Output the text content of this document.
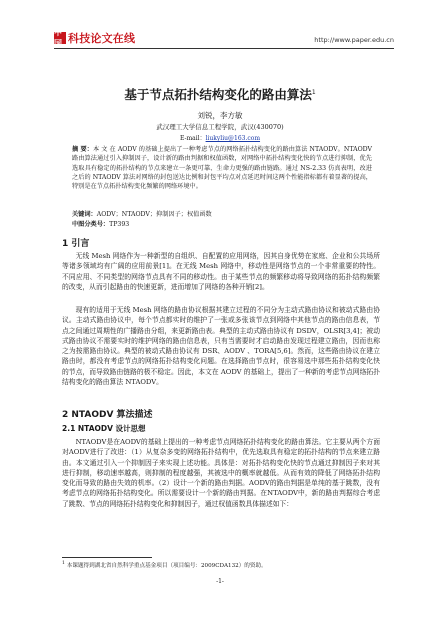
中国 科技论文在线	http://www.paper.edu.cn
基于节点拓扑结构变化的路由算法$^1$
刘锐，李方敏
武汉理工大学信息工程学院，武汉(430070)
E-mail：liukyliu@163.com
摘 要：本 文 在 AODV 的基础上提出了一种考虑节点的网络拓扑结构变化的路由算法 NTAODV。NTAODV 路由算法通过引入抑制因子，设计新的路由判据和权值函数，对网络中拓扑结构变化快的节点进行抑制，优先选取具有稳定的拓扑结构的节点来建立一条更可靠、生命力更强的路由链路。通过 NS-2.33 仿真表明，改进之后的 NTAODV 算法对网络的封包送达比例和封包平均点对点延迟时间这两个性能指标都有着显著的提高，特别是在节点拓扑结构变化频繁的网络环境中。
关键词：AODV；NTAODV；抑制因子；权值函数
中图分类号：TP393
1 引言
无线 Mesh 网络作为一种新型的自组织、自配置的应用网络，因其自身优势在家庭、企业和公共场所等诸多领域均有广阔的应用前景[1]。在无线 Mesh 网络中，移动性是网络节点的一个非常重要的特性。不同应用、不同类型的网络节点具有不同的移动性。由于某些节点的频繁移动将导致网络的拓扑结构频繁的改变，从而引起路由的快速更新，进而增加了网络的各种开销[2]。
现有的适用于无线 Mesh 网络的路由协议根据其建立过程的不同分为主动式路由协议和被动式路由协议。主动式路由协议中，每个节点都实时的维护了一张或多张该节点到网络中其他节点的路由信息表，节点之间通过周期性的广播路由分组，来更新路由表。典型的主动式路由协议有 DSDV，OLSR[3,4]；被动式路由协议不需要实时的维护网络的路由信息表，只有当需要时才启动路由发现过程建立路由，因而也称之为按需路由协议。典型的被动式路由协议有 DSR、AODV 、TORA[5,6]。然而，这些路由协议在建立路由时，都没有考虑节点的网络拓扑结构变化问题。在选择路由节点时，很容易选中那些拓扑结构变化快的节点，而导致路由链路的极不稳定。因此，本文在 AODV 的基础上，提出了一种新的考虑节点网络拓扑结构变化的路由算法 NTAODV。
2 NTAODV 算法描述
2.1 NTAODV 设计思想
NTAODV是在AODV的基础上提出的一种考虑节点网络拓扑结构变化的路由算法。它主要从两个方面对AODV进行了改进：（1）从复杂多变的网络拓扑结构中，优先选取具有稳定的拓扑结构的节点来建立路由。本文通过引入一个抑制因子来实现上述功能。具体是：对拓扑结构变化快的节点通过抑制因子来对其进行抑制，移动速率越高，则抑制的程度越强，其被选中的概率就越低。从而有效的降低了网络拓扑结构变化而导致的路由失效的机率。（2）设计一个新的路由判据。AODV的路由判据是单纯的基于跳数，没有考虑节点的网络拓扑结构变化。所以需要设计一个新的路由判据。在NTAODV中，新的路由判据综合考虑了跳数、节点的网络拓扑结构变化和抑制因子，通过权值函数具体描述如下：
$^1$ 本课题得到湖北省自然科学重点基金项目（项目编号：2009CDA132）的资助。
-1-
